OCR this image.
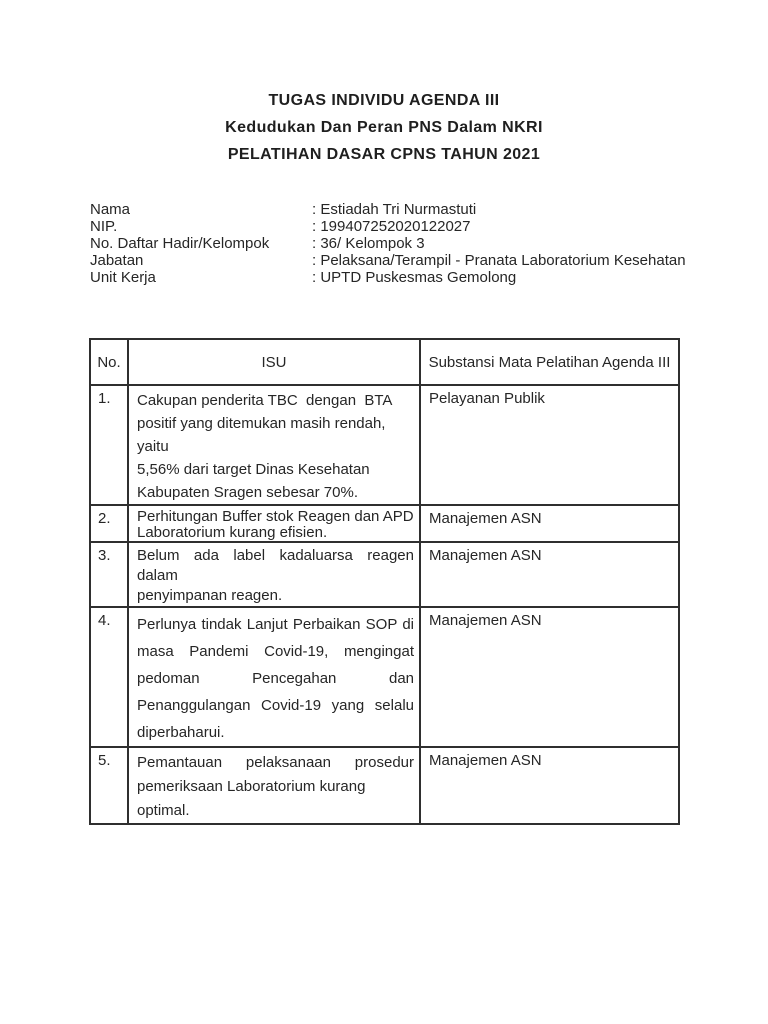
TUGAS INDIVIDU AGENDA III
Kedudukan Dan Peran PNS Dalam NKRI
PELATIHAN DASAR CPNS TAHUN 2021
Nama	: Estiadah Tri Nurmastuti
NIP.	: 199407252020122027
No. Daftar Hadir/Kelompok	: 36/ Kelompok 3
Jabatan	: Pelaksana/Terampil - Pranata Laboratorium Kesehatan
Unit Kerja	: UPTD Puskesmas Gemolong
No.	ISU	Substansi Mata Pelatihan Agenda III
1.	Cakupan penderita TBC  dengan  BTA
positif yang ditemukan masih rendah, yaitu
5,56% dari target Dinas Kesehatan
Kabupaten Sragen sebesar 70%.	Pelayanan Publik
2.	Perhitungan Buffer stok Reagen dan APD
Laboratorium kurang efisien.	Manajemen ASN
3.	Belum ada label kadaluarsa reagen dalam
penyimpanan reagen.	Manajemen ASN
4.	Perlunya tindak Lanjut Perbaikan SOP di
masa Pandemi Covid-19, mengingat
pedoman Pencegahan dan
Penanggulangan Covid-19 yang selalu
diperbaharui.	Manajemen ASN
5.	Pemantauan pelaksanaan prosedur
pemeriksaan Laboratorium kurang optimal.	Manajemen ASN
